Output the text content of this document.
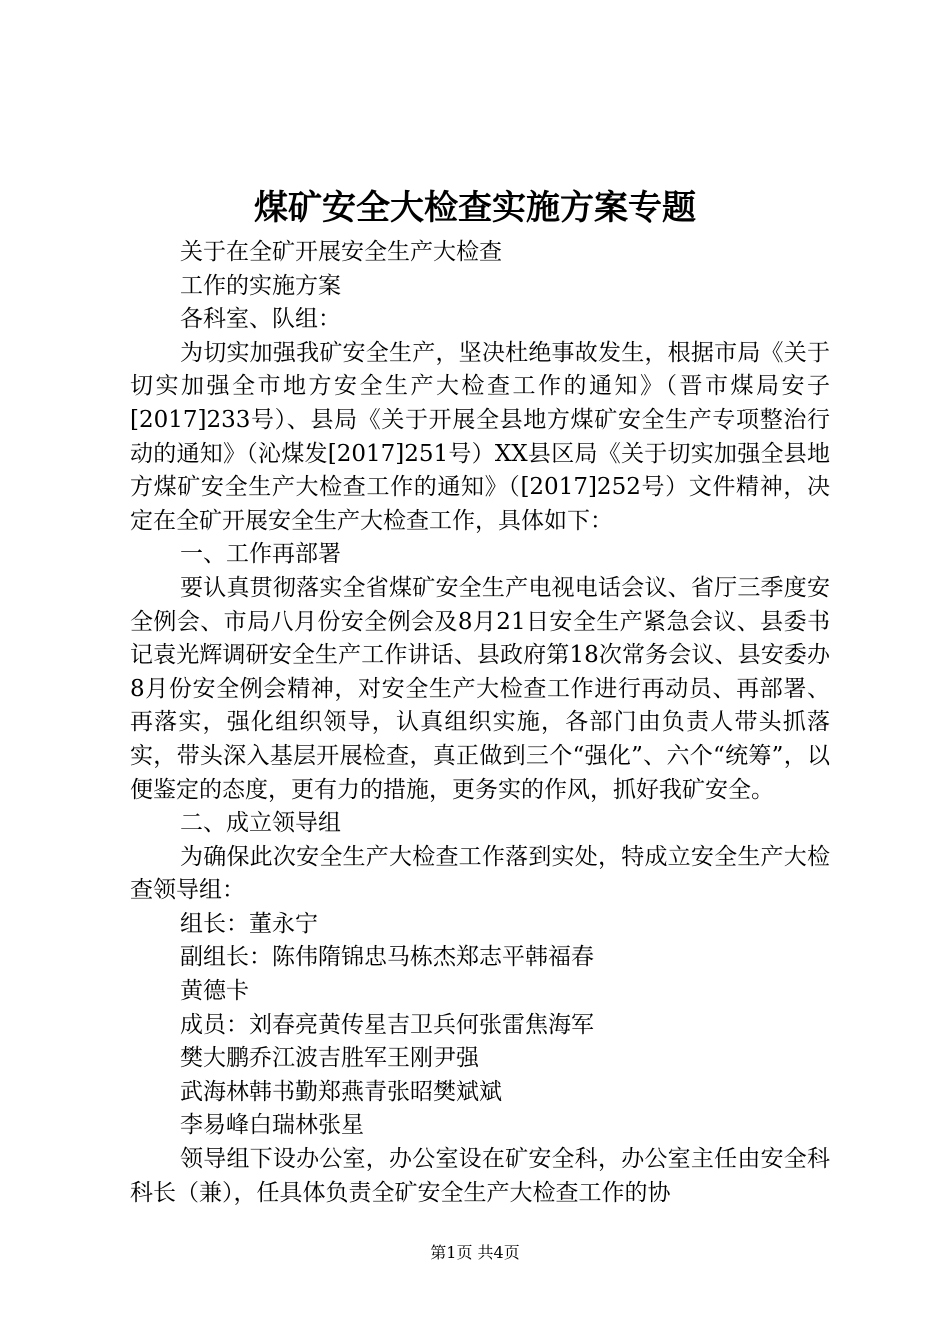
煤矿安全大检查实施方案专题

关于在全矿开展安全生产大检查

工作的实施方案

各科室、队组：

为切实加强我矿安全生产，坚决杜绝事故发生，根据市局《关于切实加强全市地方安全生产大检查工作的通知》（晋市煤局安子[2017]233号）、县局《关于开展全县地方煤矿安全生产专项整治行动的通知》（沁煤发[2017]251号）XX县区局《关于切实加强全县地方煤矿安全生产大检查工作的通知》（[2017]252号）文件精神，决定在全矿开展安全生产大检查工作，具体如下：

一、工作再部署

要认真贯彻落实全省煤矿安全生产电视电话会议、省厅三季度安全例会、市局八月份安全例会及8月21日安全生产紧急会议、县委书记袁光辉调研安全生产工作讲话、县政府第18次常务会议、县安委办8月份安全例会精神，对安全生产大检查工作进行再动员、再部署、再落实，强化组织领导，认真组织实施，各部门由负责人带头抓落实，带头深入基层开展检查，真正做到三个“强化”、六个“统筹”，以便鉴定的态度，更有力的措施，更务实的作风，抓好我矿安全。

二、成立领导组

为确保此次安全生产大检查工作落到实处，特成立安全生产大检查领导组：

组长：董永宁

副组长：陈伟隋锦忠马栋杰郑志平韩福春

黄德卡

成员：刘春亮黄传星吉卫兵何张雷焦海军

樊大鹏乔江波吉胜军王刚尹强

武海林韩书勤郑燕青张昭樊斌斌

李易峰白瑞林张星

领导组下设办公室，办公室设在矿安全科，办公室主任由安全科科长（兼），任具体负责全矿安全生产大检查工作的协

第1页 共4页
